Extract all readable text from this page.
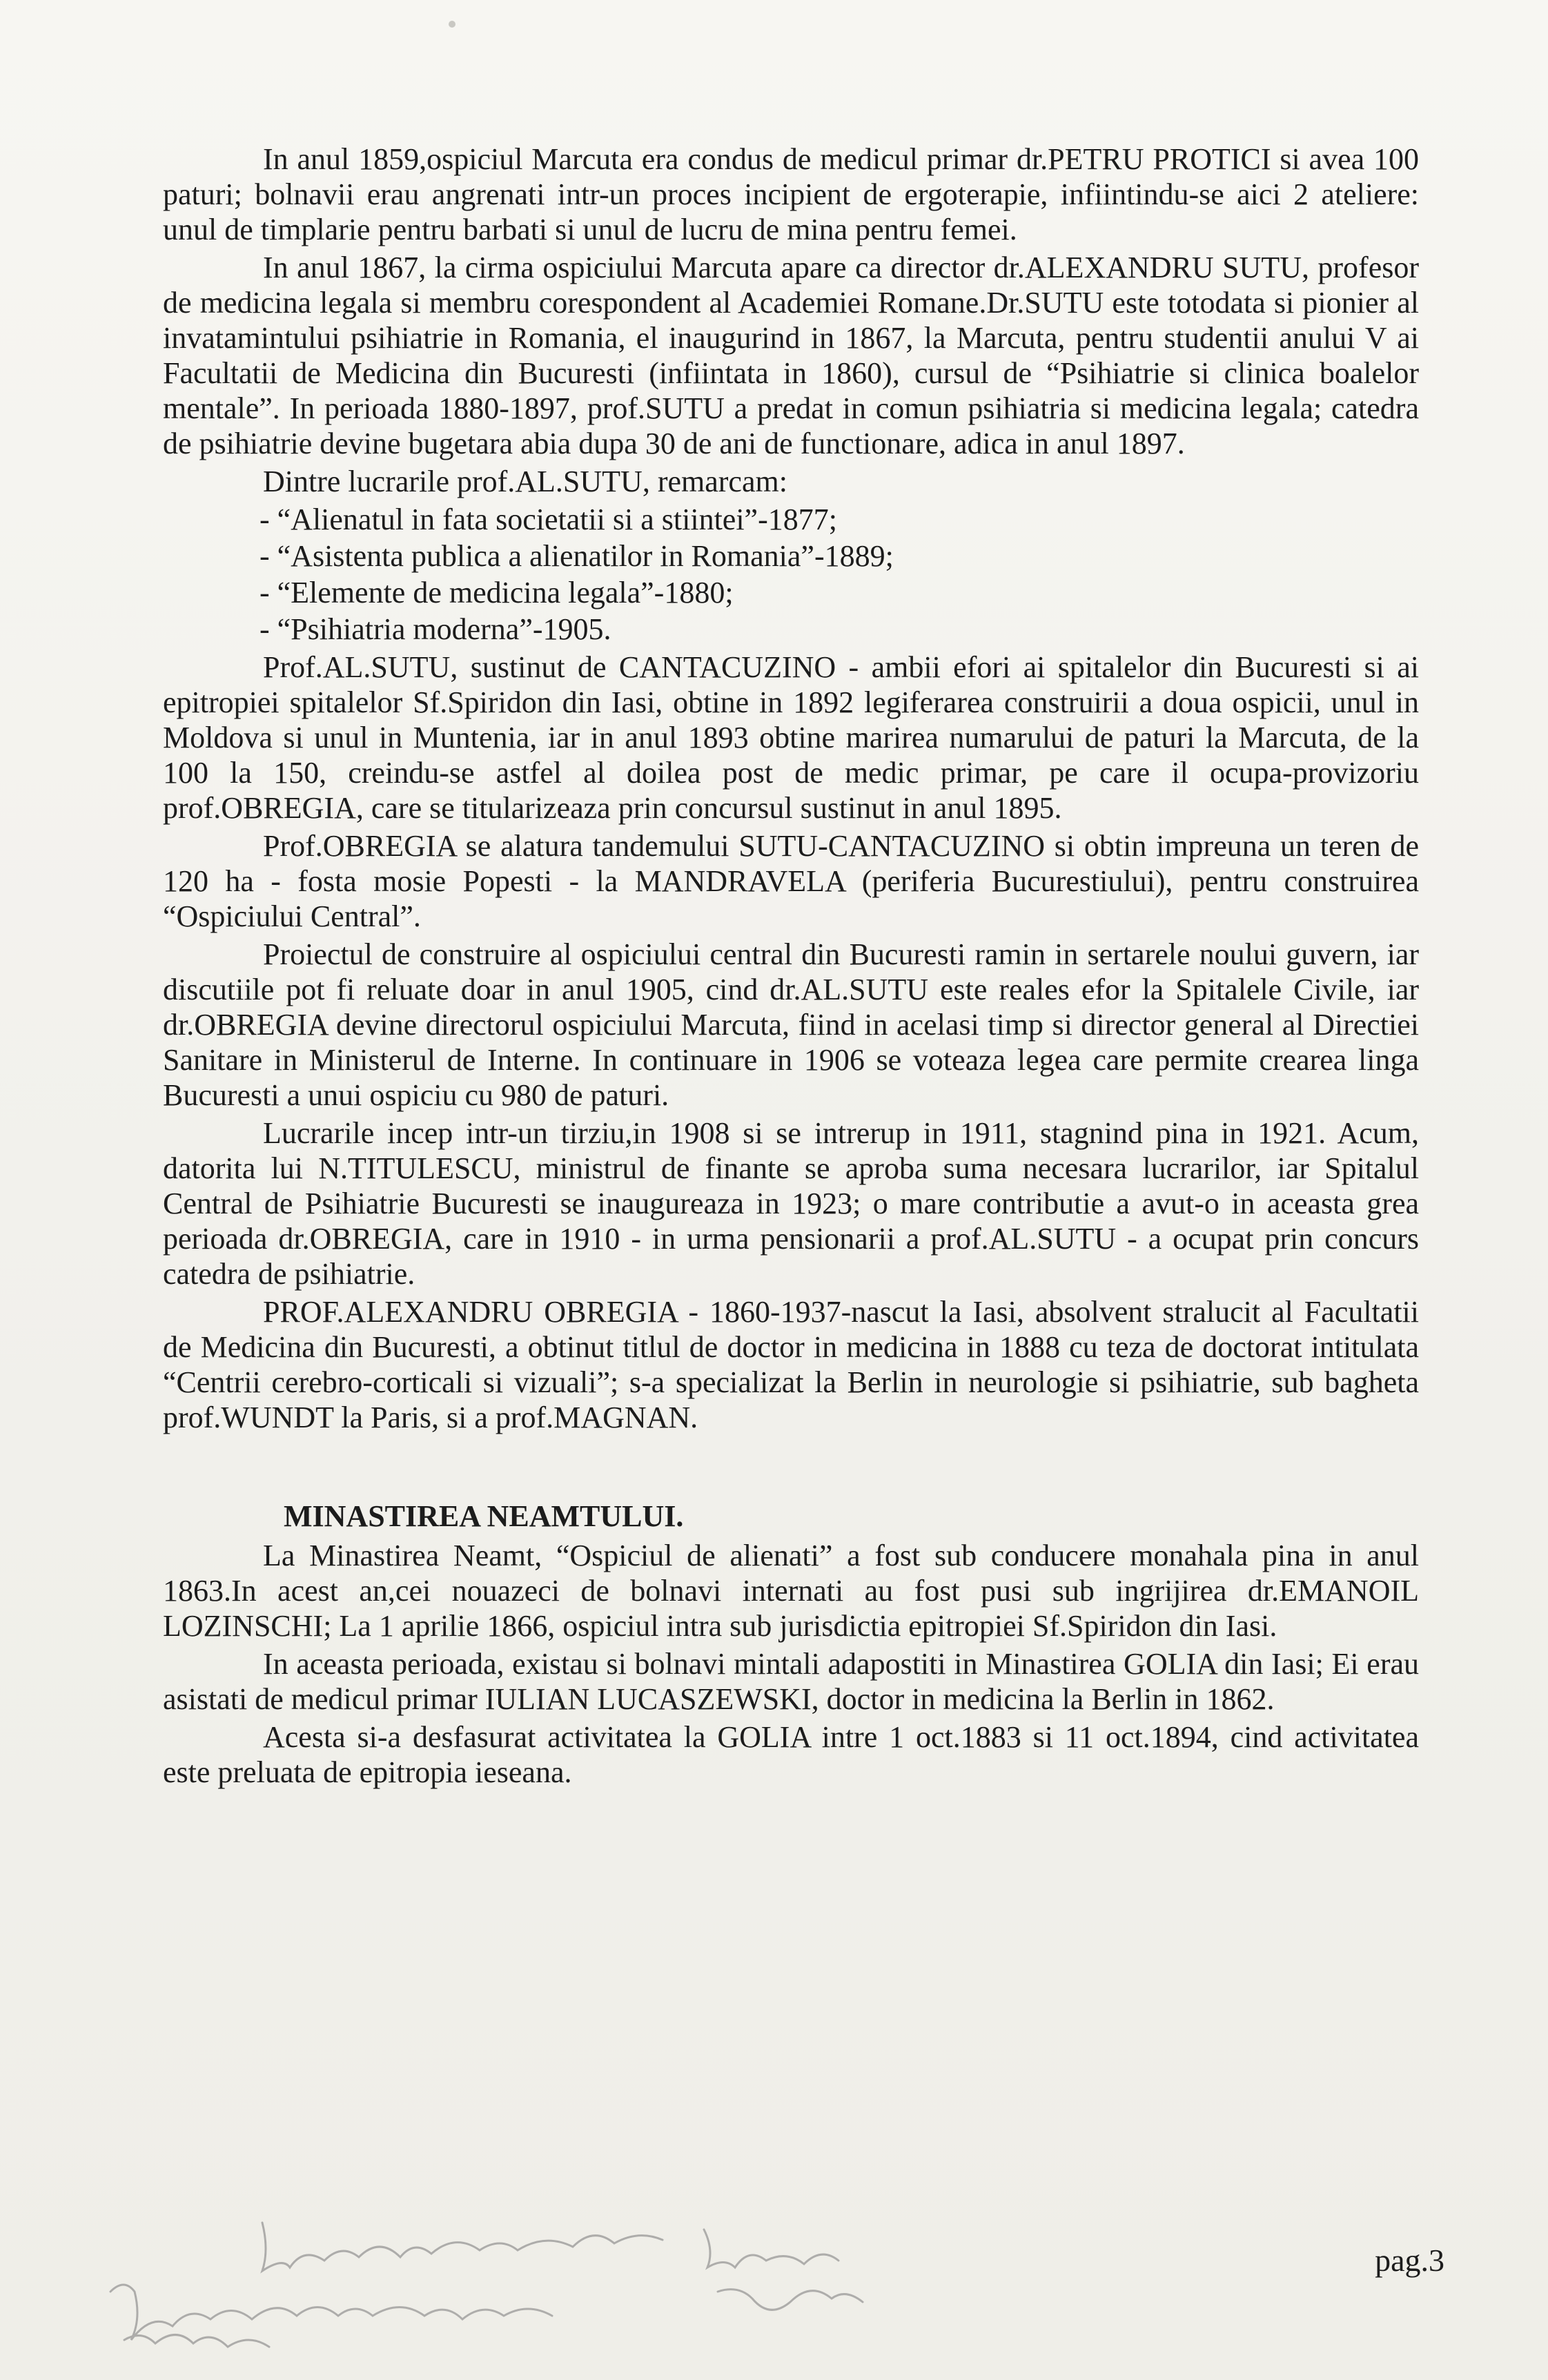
In anul 1859,ospiciul Marcuta era condus de medicul primar dr.PETRU PROTICI si avea 100 paturi; bolnavii erau angrenati intr-un proces incipient de ergoterapie, infiintindu-se aici 2 ateliere: unul de timplarie pentru barbati si unul de lucru de mina pentru femei.

In anul 1867, la cirma ospiciului Marcuta apare ca director dr.ALEXANDRU SUTU, profesor de medicina legala si membru corespondent al Academiei Romane.Dr.SUTU este totodata si pionier al invatamintului psihiatrie in Romania, el inaugurind in 1867, la Marcuta, pentru studentii anului V ai Facultatii de Medicina din Bucuresti (infiintata in 1860), cursul de “Psihiatrie si clinica boalelor mentale”. In perioada 1880-1897, prof.SUTU a predat in comun psihiatria si medicina legala; catedra de psihiatrie devine bugetara abia dupa 30 de ani de functionare, adica in anul 1897.

Dintre lucrarile prof.AL.SUTU, remarcam:

- “Alienatul in fata societatii si a stiintei”-1877;
- “Asistenta publica a alienatilor in Romania”-1889;
- “Elemente de medicina legala”-1880;
- “Psihiatria moderna”-1905.

Prof.AL.SUTU, sustinut de CANTACUZINO - ambii efori ai spitalelor din Bucuresti si ai epitropiei spitalelor Sf.Spiridon din Iasi, obtine in 1892 legiferarea construirii a doua ospicii, unul in Moldova si unul in Muntenia, iar in anul 1893 obtine marirea numarului de paturi la Marcuta, de la 100 la 150, creindu-se astfel al doilea post de medic primar, pe care il ocupa-provizoriu prof.OBREGIA, care se titularizeaza prin concursul sustinut in anul 1895.

Prof.OBREGIA se alatura tandemului SUTU-CANTACUZINO si obtin impreuna un teren de 120 ha - fosta mosie Popesti - la MANDRAVELA (periferia Bucurestiului), pentru construirea “Ospiciului Central”.

Proiectul de construire al ospiciului central din Bucuresti ramin in sertarele noului guvern, iar discutiile pot fi reluate doar in anul 1905, cind dr.AL.SUTU este reales efor la Spitalele Civile, iar dr.OBREGIA devine directorul ospiciului Marcuta, fiind in acelasi timp si director general al Directiei Sanitare in Ministerul de Interne. In continuare in 1906 se voteaza legea care permite crearea linga Bucuresti a unui ospiciu cu 980 de paturi.

Lucrarile incep intr-un tirziu,in 1908 si se intrerup in 1911, stagnind pina in 1921. Acum, datorita lui N.TITULESCU, ministrul de finante se aproba suma necesara lucrarilor, iar Spitalul Central de Psihiatrie Bucuresti se inaugureaza in 1923; o mare contributie a avut-o in aceasta grea perioada dr.OBREGIA, care in 1910 - in urma pensionarii a prof.AL.SUTU - a ocupat prin concurs catedra de psihiatrie.

PROF.ALEXANDRU OBREGIA - 1860-1937-nascut la Iasi, absolvent stralucit al Facultatii de Medicina din Bucuresti, a obtinut titlul de doctor in medicina in 1888 cu teza de doctorat intitulata “Centrii cerebro-corticali si vizuali”; s-a specializat la Berlin in neurologie si psihiatrie, sub bagheta prof.WUNDT la Paris, si a prof.MAGNAN.

MINASTIREA NEAMTULUI.

La Minastirea Neamt, “Ospiciul de alienati” a fost sub conducere monahala pina in anul 1863.In acest an,cei nouazeci de bolnavi internati au fost pusi sub ingrijirea dr.EMANOIL LOZINSCHI; La 1 aprilie 1866, ospiciul intra sub jurisdictia epitropiei Sf.Spiridon din Iasi.

In aceasta perioada, existau si bolnavi mintali adapostiti in Minastirea GOLIA din Iasi; Ei erau asistati de medicul primar IULIAN LUCASZEWSKI, doctor in medicina la Berlin in 1862.

Acesta si-a desfasurat activitatea la GOLIA intre 1 oct.1883 si 11 oct.1894, cind activitatea este preluata de epitropia ieseana.

pag.3
